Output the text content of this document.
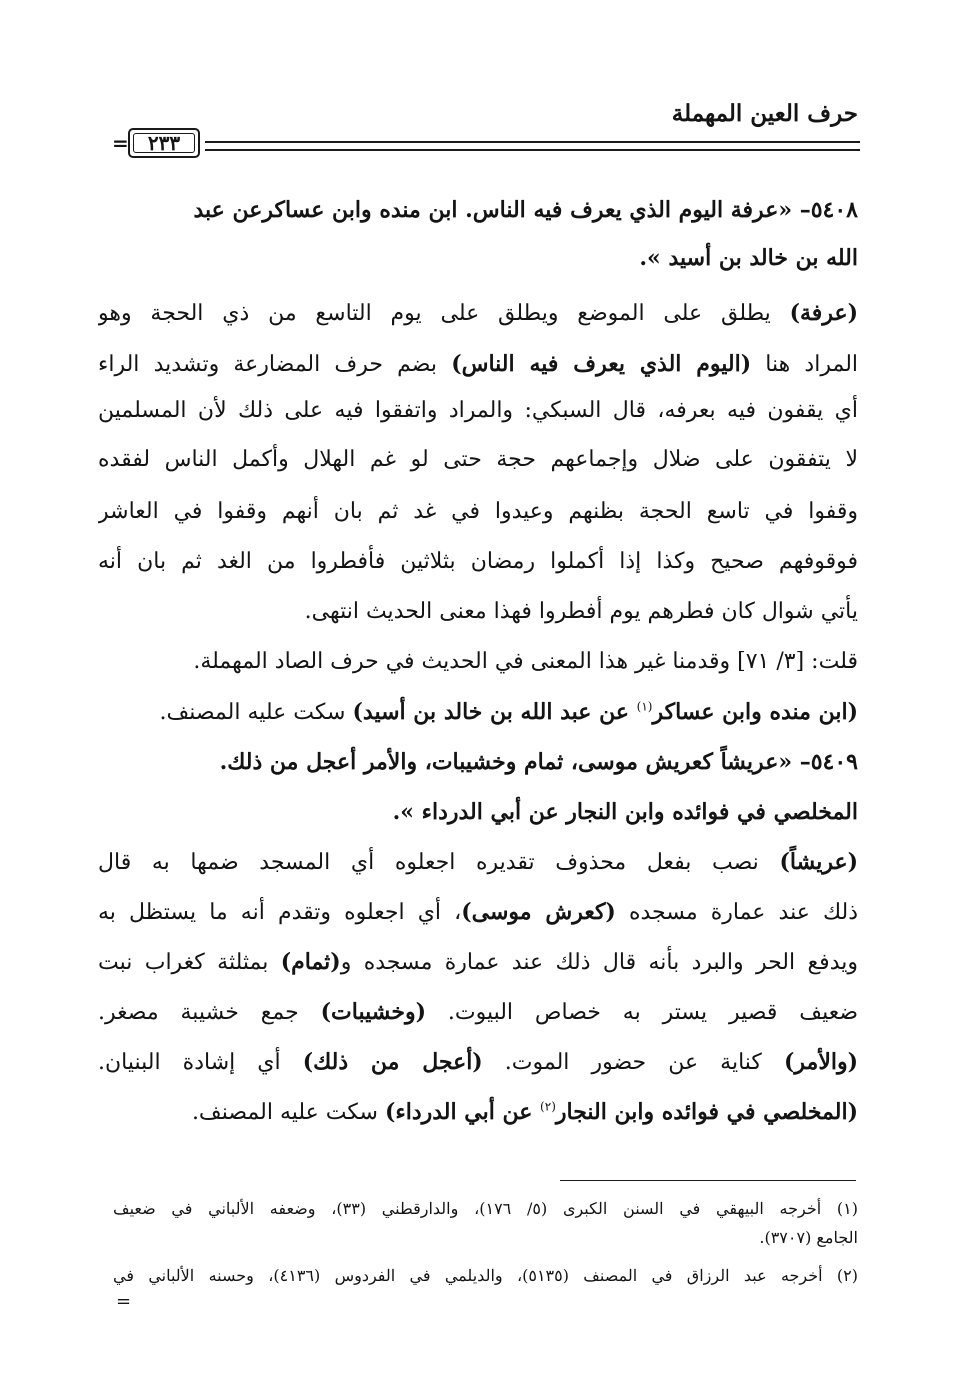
حرف العين المهملة
= ٢٣٣
٥٤٠٨– «عرفة اليوم الذي يعرف فيه الناس. ابن منده وابن عساكرعن عبد
الله بن خالد بن أسيد ».
(عرفة) يطلق على الموضع ويطلق على يوم التاسع من ذي الحجة وهو
المراد هنا (اليوم الذي يعرف فيه الناس) بضم حرف المضارعة وتشديد الراء
أي يقفون فيه بعرفه، قال السبكي: والمراد واتفقوا فيه على ذلك لأن المسلمين
لا يتفقون على ضلال وإجماعهم حجة حتى لو غم الهلال وأكمل الناس لفقده
وقفوا في تاسع الحجة بظنهم وعيدوا في غد ثم بان أنهم وقفوا في العاشر
فوقوفهم صحيح وكذا إذا أكملوا رمضان بثلاثين فأفطروا من الغد ثم بان أنه
يأتي شوال كان فطرهم يوم أفطروا فهذا معنى الحديث انتهى.
قلت: [٣/ ٧١] وقدمنا غير هذا المعنى في الحديث في حرف الصاد المهملة.
(ابن منده وابن عساكر$^{(١)}$ عن عبد الله بن خالد بن أسيد) سكت عليه المصنف.
٥٤٠٩– «عريشاً كعريش موسى، ثمام وخشيبات، والأمر أعجل من ذلك.
المخلصي في فوائده وابن النجار عن أبي الدرداء ».
(عريشاً) نصب بفعل محذوف تقديره اجعلوه أي المسجد ضمها به قال
ذلك عند عمارة مسجده (كعرش موسى)، أي اجعلوه وتقدم أنه ما يستظل به
ويدفع الحر والبرد بأنه قال ذلك عند عمارة مسجده و(ثمام) بمثلثة كغراب نبت
ضعيف قصير يستر به خصاص البيوت. (وخشيبات) جمع خشيبة مصغر.
(والأمر) كناية عن حضور الموت. (أعجل من ذلك) أي إشادة البنيان.
(المخلصي في فوائده وابن النجار$^{(٢)}$ عن أبي الدرداء) سكت عليه المصنف.
(١) أخرجه البيهقي في السنن الكبرى (٥/ ١٧٦)، والدارقطني (٣٣)، وضعفه الألباني في ضعيف
الجامع (٣٧٠٧).
(٢) أخرجه عبد الرزاق في المصنف (٥١٣٥)، والديلمي في الفردوس (٤١٣٦)، وحسنه الألباني في
=
